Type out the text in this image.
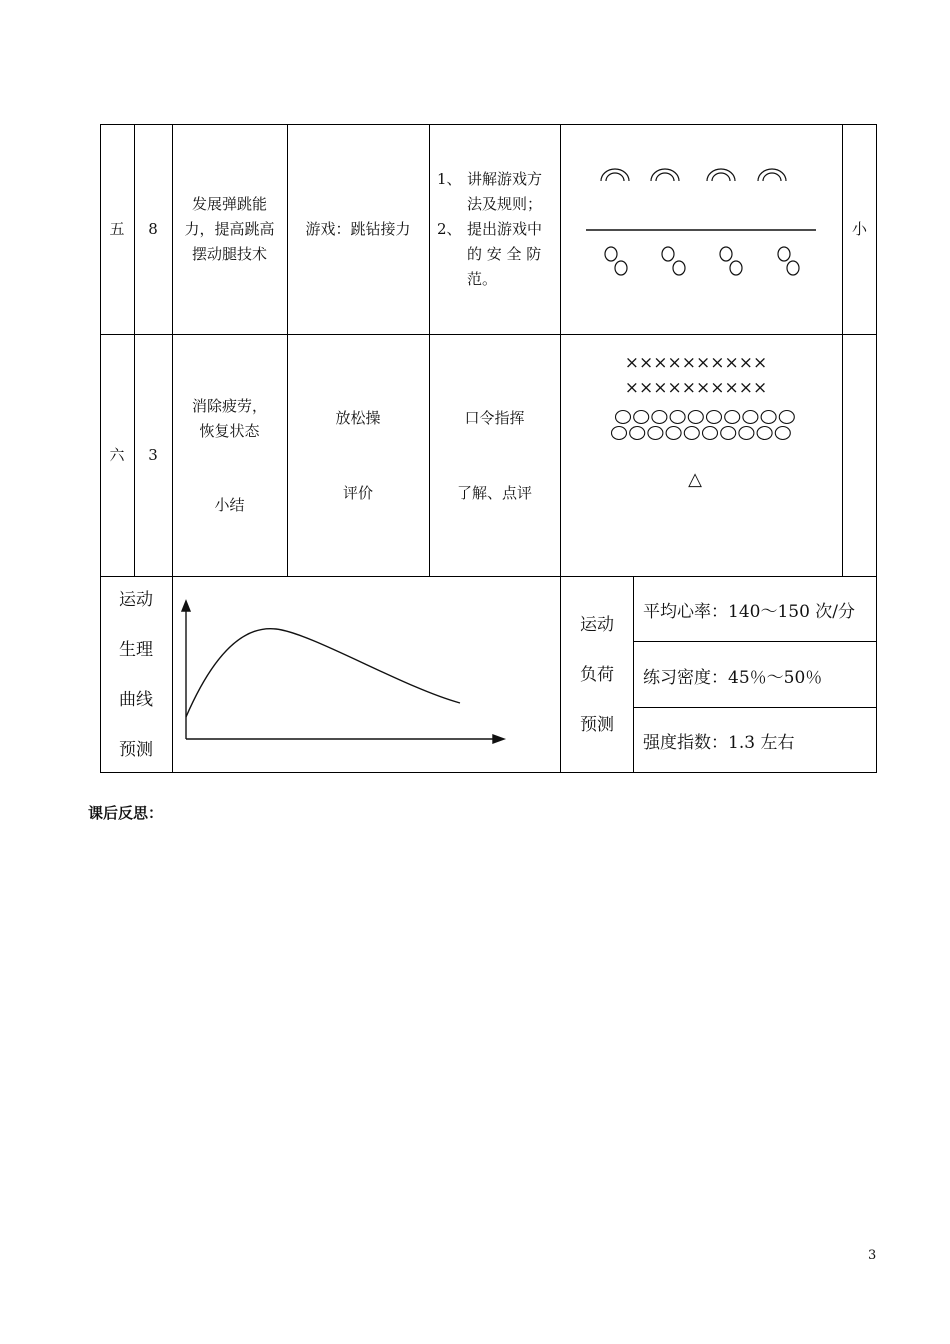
五	8
发展弹跳能
力，提高跳高
摆动腿技术
游戏：跳钻接力
1、 讲解游戏方
法及规则；
2、 提出游戏中
的 安 全 防
范。
小
六	3
消除疲劳，
恢复状态
小结
放松操
评价
口令指挥
了解、点评
××××××××××
××××××××××
△
运动
生理
曲线
预测
运动
负荷
预测
平均心率：140～150 次/分
练习密度：45％～50％
强度指数：1.3 左右
课后反思：
3
